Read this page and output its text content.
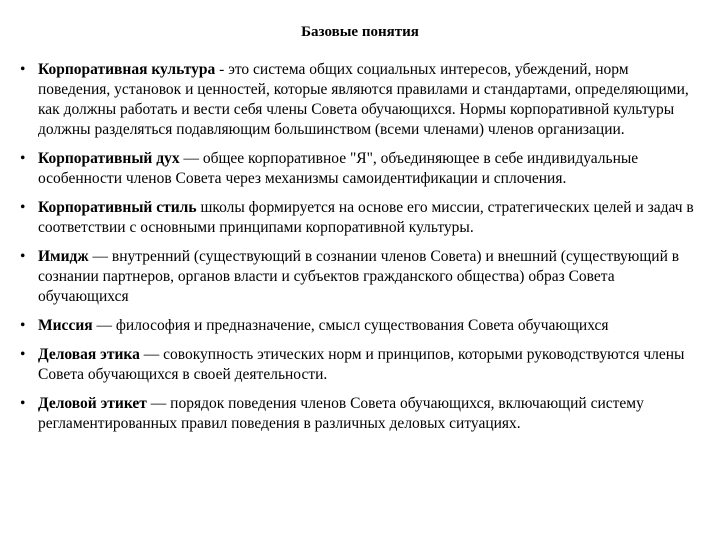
Базовые понятия
• Корпоративная культура - это система общих социальных интересов, убеждений, норм поведения, установок и ценностей, которые являются правилами и стандартами, определяющими, как должны работать и вести себя члены Совета обучающихся. Нормы корпоративной культуры должны разделяться подавляющим большинством (всеми членами) членов организации.
• Корпоративный дух — общее корпоративное "Я", объединяющее в себе индивидуальные особенности членов Совета через механизмы самоидентификации и сплочения.
• Корпоративный стиль школы формируется на основе его миссии, стратегических целей и задач в соответствии с основными принципами корпоративной культуры.
• Имидж — внутренний (существующий в сознании членов Совета) и внешний (существующий в сознании партнеров, органов власти и субъектов гражданского общества) образ Совета обучающихся
• Миссия — философия и предназначение, смысл существования Совета обучающихся
• Деловая этика — совокупность этических норм и принципов, которыми руководствуются члены Совета обучающихся в своей деятельности.
• Деловой этикет — порядок поведения членов Совета обучающихся, включающий систему регламентированных правил поведения в различных деловых ситуациях.
